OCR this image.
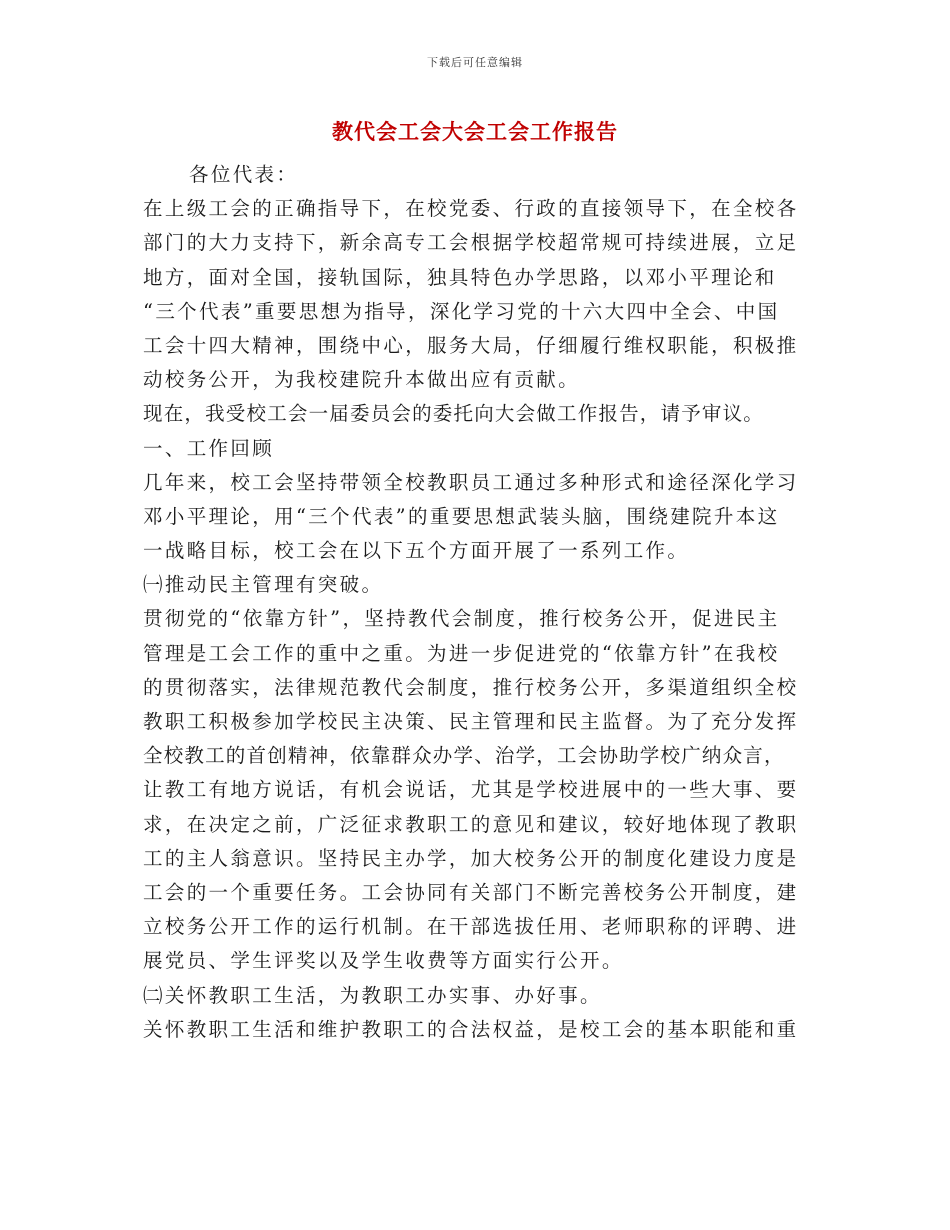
下载后可任意编辑
教代会工会大会工会工作报告
各位代表：
在上级工会的正确指导下，在校党委、行政的直接领导下，在全校各
部门的大力支持下，新余高专工会根据学校超常规可持续进展，立足
地方，面对全国，接轨国际，独具特色办学思路，以邓小平理论和
“三个代表”重要思想为指导，深化学习党的十六大四中全会、中国
工会十四大精神，围绕中心，服务大局，仔细履行维权职能，积极推
动校务公开，为我校建院升本做出应有贡献。
现在，我受校工会一届委员会的委托向大会做工作报告，请予审议。
一、工作回顾
几年来，校工会坚持带领全校教职员工通过多种形式和途径深化学习
邓小平理论，用“三个代表”的重要思想武装头脑，围绕建院升本这
一战略目标，校工会在以下五个方面开展了一系列工作。
㈠推动民主管理有突破。
贯彻党的“依靠方针”，坚持教代会制度，推行校务公开，促进民主
管理是工会工作的重中之重。为进一步促进党的“依靠方针”在我校
的贯彻落实，法律规范教代会制度，推行校务公开，多渠道组织全校
教职工积极参加学校民主决策、民主管理和民主监督。为了充分发挥
全校教工的首创精神，依靠群众办学、治学，工会协助学校广纳众言，
让教工有地方说话，有机会说话，尤其是学校进展中的一些大事、要
求，在决定之前，广泛征求教职工的意见和建议，较好地体现了教职
工的主人翁意识。坚持民主办学，加大校务公开的制度化建设力度是
工会的一个重要任务。工会协同有关部门不断完善校务公开制度，建
立校务公开工作的运行机制。在干部选拔任用、老师职称的评聘、进
展党员、学生评奖以及学生收费等方面实行公开。
㈡关怀教职工生活，为教职工办实事、办好事。
关怀教职工生活和维护教职工的合法权益，是校工会的基本职能和重
